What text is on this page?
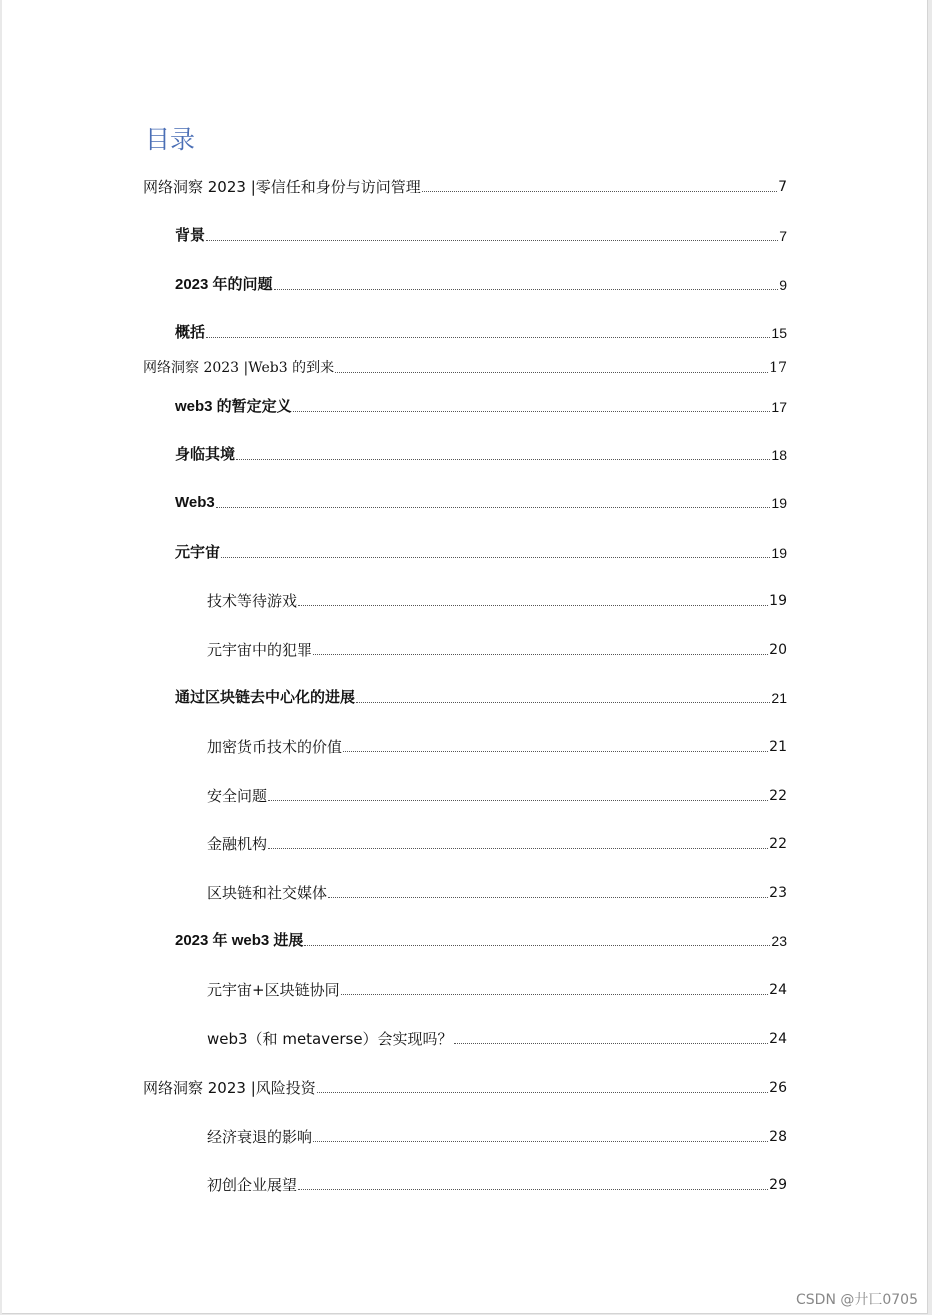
目录
网络洞察 2023 |零信任和身份与访问管理	7
背景	7
2023 年的问题	9
概括	15
网络洞察 2023 |Web3 的到来	17
web3 的暂定定义	17
身临其境	18
Web3	19
元宇宙	19
技术等待游戏	19
元宇宙中的犯罪	20
通过区块链去中心化的进展	21
加密货币技术的价值	21
安全问题	22
金融机构	22
区块链和社交媒体	23
2023 年 web3 进展	23
元宇宙+区块链协同	24
web3（和 metaverse）会实现吗？	24
网络洞察 2023 |风险投资	26
经济衰退的影响	28
初创企业展望	29
CSDN @廾匸0705
